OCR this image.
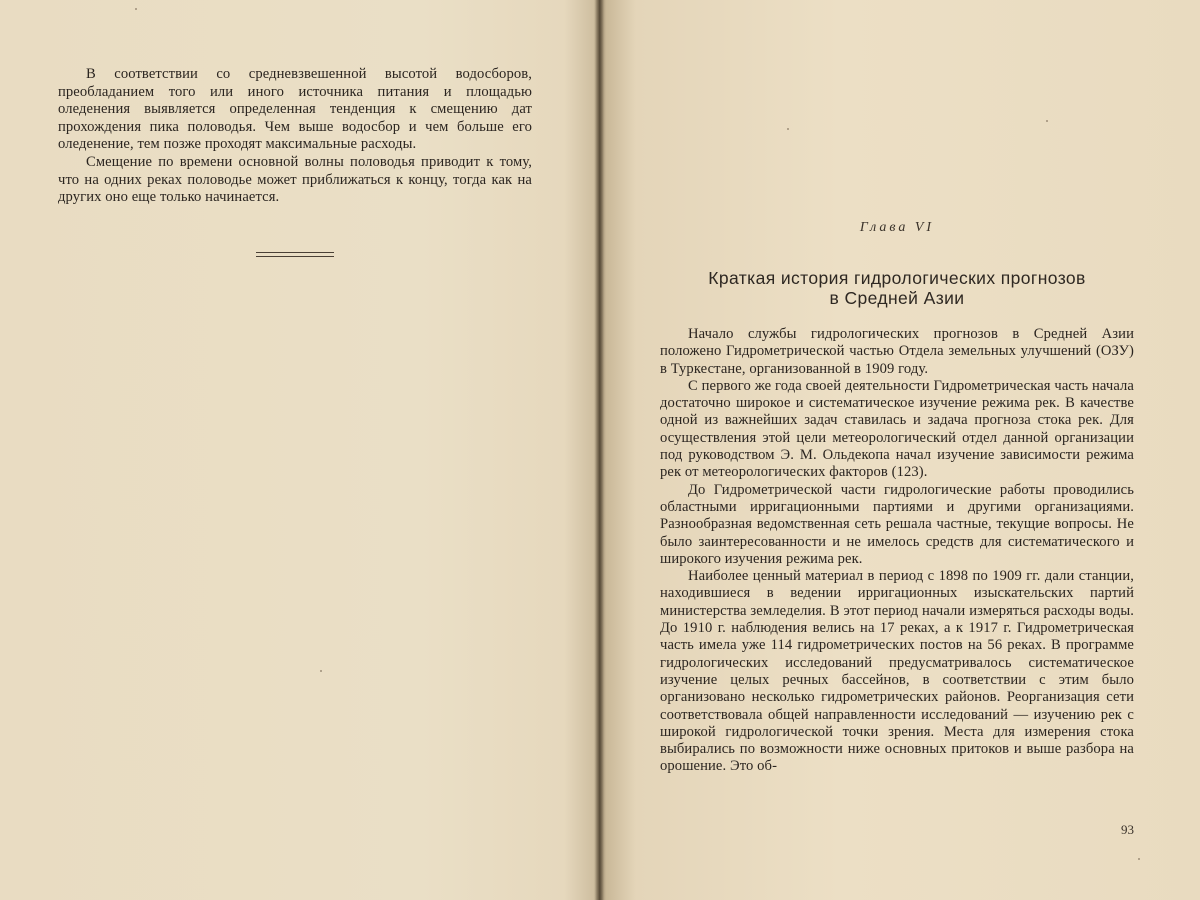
В соответствии со средневзвешенной высотой водосборов, преобладанием того или иного источника питания и площадью оледенения выявляется определенная тенденция к смещению дат прохождения пика половодья. Чем выше водосбор и чем больше его оледенение, тем позже проходят максимальные расходы.

Смещение по времени основной волны половодья приводит к тому, что на одних реках половодье может приближаться к концу, тогда как на других оно еще только начинается.

Глава VI
Краткая история гидрологических прогнозов
в Средней Азии

Начало службы гидрологических прогнозов в Средней Азии положено Гидрометрической частью Отдела земельных улучшений (ОЗУ) в Туркестане, организованной в 1909 году.

С первого же года своей деятельности Гидрометрическая часть начала достаточно широкое и систематическое изучение режима рек. В качестве одной из важнейших задач ставилась и задача прогноза стока рек. Для осуществления этой цели метеорологический отдел данной организации под руководством Э. М. Ольдекопа начал изучение зависимости режима рек от метеорологических факторов (123).

До Гидрометрической части гидрологические работы проводились областными ирригационными партиями и другими организациями. Разнообразная ведомственная сеть решала частные, текущие вопросы. Не было заинтересованности и не имелось средств для систематического и широкого изучения режима рек.

Наиболее ценный материал в период с 1898 по 1909 гг. дали станции, находившиеся в ведении ирригационных изыскательских партий министерства земледелия. В этот период начали измеряться расходы воды. До 1910 г. наблюдения велись на 17 реках, а к 1917 г. Гидрометрическая часть имела уже 114 гидрометрических постов на 56 реках. В программе гидрологических исследований предусматривалось систематическое изучение целых речных бассейнов, в соответствии с этим было организовано несколько гидрометрических районов. Реорганизация сети соответствовала общей направленности исследований — изучению рек с широкой гидрологической точки зрения. Места для измерения стока выбирались по возможности ниже основных притоков и выше разбора на орошение. Это об-

93
